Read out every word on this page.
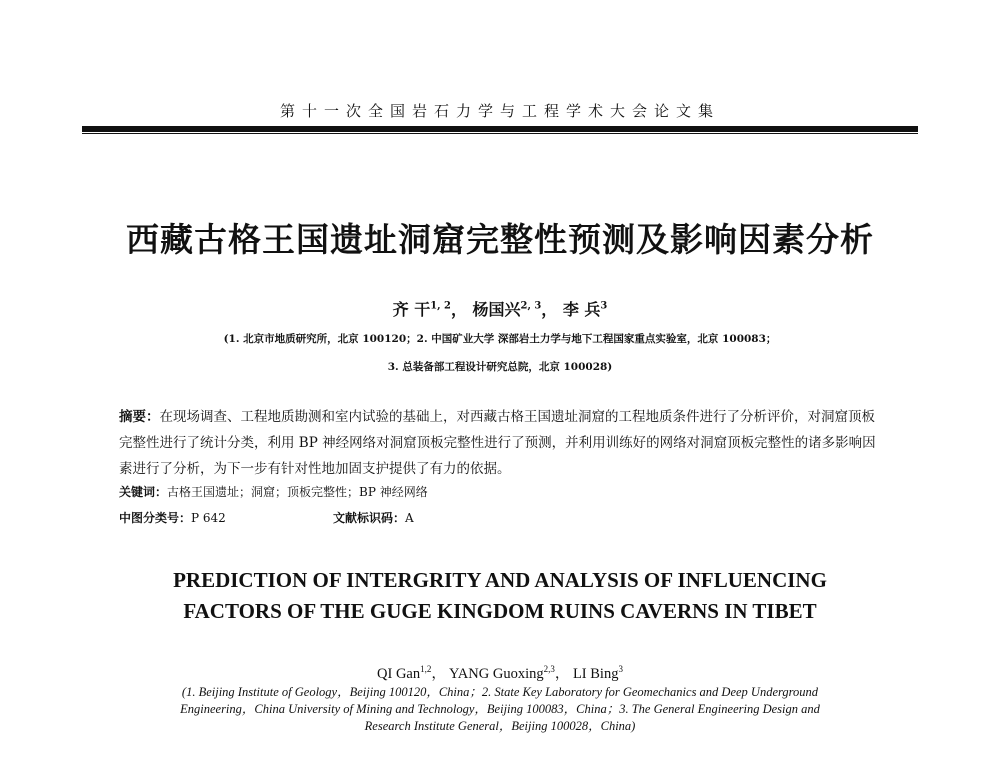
第十一次全国岩石力学与工程学术大会论文集
西藏古格王国遗址洞窟完整性预测及影响因素分析
齐 干$^{1, 2}$， 杨国兴$^{2, 3}$， 李 兵$^3$
(1. 北京市地质研究所，北京 100120；2. 中国矿业大学 深部岩土力学与地下工程国家重点实验室，北京 100083；
3. 总装备部工程设计研究总院，北京 100028)
摘要：在现场调查、工程地质勘测和室内试验的基础上，对西藏古格王国遗址洞窟的工程地质条件进行了分析评价，对洞窟顶板完整性进行了统计分类，利用 BP 神经网络对洞窟顶板完整性进行了预测，并利用训练好的网络对洞窟顶板完整性的诸多影响因素进行了分析，为下一步有针对性地加固支护提供了有力的依据。
关键词：古格王国遗址；洞窟；顶板完整性；BP 神经网络
中图分类号：P 642	文献标识码：A
PREDICTION OF INTERGRITY AND ANALYSIS OF INFLUENCING
FACTORS OF THE GUGE KINGDOM RUINS CAVERNS IN TIBET
QI Gan$^{1,2}$， YANG Guoxing$^{2,3}$， LI Bing$^3$
(1. Beijing Institute of Geology，Beijing 100120，China；2. State Key Laboratory for Geomechanics and Deep Underground
Engineering，China University of Mining and Technology，Beijing 100083，China；3. The General Engineering Design and
Research Institute General，Beijing 100028，China)
